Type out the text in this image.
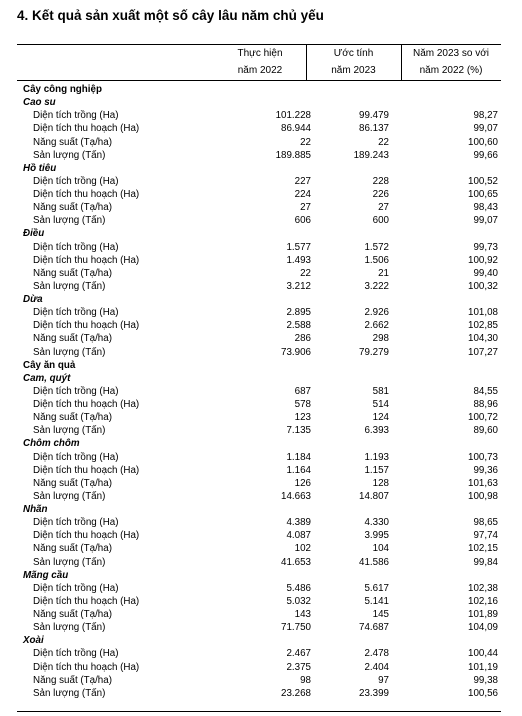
4. Kết quả sản xuất một số cây lâu năm chủ yếu
Thực hiện
năm 2022
Ước tính
năm 2023
Năm 2023 so với
năm 2022 (%)
Cây công nghiệp
Cao su
Diện tích trồng (Ha)	101.228	99.479	98,27
Diện tích thu hoạch (Ha)	86.944	86.137	99,07
Năng suất (Tạ/ha)	22	22	100,60
Sản lượng (Tấn)	189.885	189.243	99,66
Hồ tiêu
Diện tích trồng (Ha)	227	228	100,52
Diện tích thu hoạch (Ha)	224	226	100,65
Năng suất (Tạ/ha)	27	27	98,43
Sản lượng (Tấn)	606	600	99,07
Điều
Diện tích trồng (Ha)	1.577	1.572	99,73
Diện tích thu hoạch (Ha)	1.493	1.506	100,92
Năng suất (Tạ/ha)	22	21	99,40
Sản lượng (Tấn)	3.212	3.222	100,32
Dừa
Diện tích trồng (Ha)	2.895	2.926	101,08
Diện tích thu hoạch (Ha)	2.588	2.662	102,85
Năng suất (Tạ/ha)	286	298	104,30
Sản lượng (Tấn)	73.906	79.279	107,27
Cây ăn quả
Cam, quýt
Diện tích trồng (Ha)	687	581	84,55
Diện tích thu hoạch (Ha)	578	514	88,96
Năng suất (Tạ/ha)	123	124	100,72
Sản lượng (Tấn)	7.135	6.393	89,60
Chôm chôm
Diện tích trồng (Ha)	1.184	1.193	100,73
Diện tích thu hoạch (Ha)	1.164	1.157	99,36
Năng suất (Tạ/ha)	126	128	101,63
Sản lượng (Tấn)	14.663	14.807	100,98
Nhãn
Diện tích trồng (Ha)	4.389	4.330	98,65
Diện tích thu hoạch (Ha)	4.087	3.995	97,74
Năng suất (Tạ/ha)	102	104	102,15
Sản lượng (Tấn)	41.653	41.586	99,84
Mãng cầu
Diện tích trồng (Ha)	5.486	5.617	102,38
Diện tích thu hoạch (Ha)	5.032	5.141	102,16
Năng suất (Tạ/ha)	143	145	101,89
Sản lượng (Tấn)	71.750	74.687	104,09
Xoài
Diện tích trồng (Ha)	2.467	2.478	100,44
Diện tích thu hoạch (Ha)	2.375	2.404	101,19
Năng suất (Tạ/ha)	98	97	99,38
Sản lượng (Tấn)	23.268	23.399	100,56
